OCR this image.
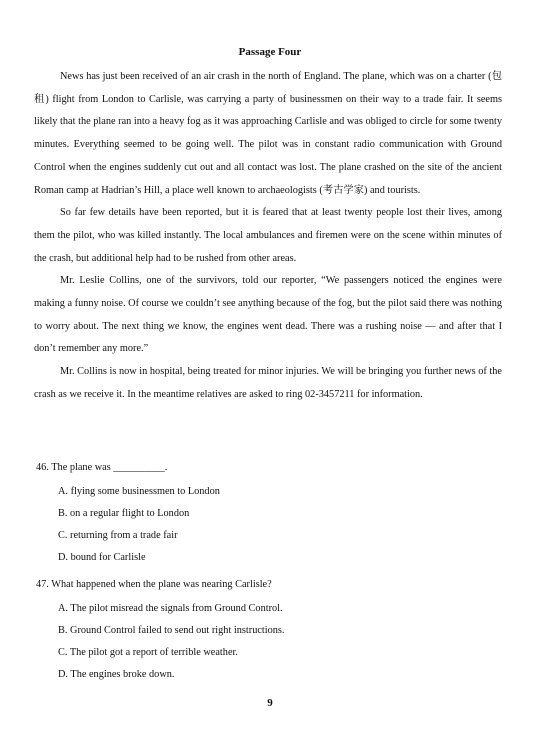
Passage Four

News has just been received of an air crash in the north of England. The plane, which was on a charter (包租) flight from London to Carlisle, was carrying a party of businessmen on their way to a trade fair. It seems likely that the plane ran into a heavy fog as it was approaching Carlisle and was obliged to circle for some twenty minutes. Everything seemed to be going well. The pilot was in constant radio communication with Ground Control when the engines suddenly cut out and all contact was lost. The plane crashed on the site of the ancient Roman camp at Hadrian’s Hill, a place well known to archaeologists (考古学家) and tourists.

So far few details have been reported, but it is feared that at least twenty people lost their lives, among them the pilot, who was killed instantly. The local ambulances and firemen were on the scene within minutes of the crash, but additional help had to be rushed from other areas.

Mr. Leslie Collins, one of the survivors, told our reporter, “We passengers noticed the engines were making a funny noise. Of course we couldn’t see anything because of the fog, but the pilot said there was nothing to worry about. The next thing we know, the engines went dead. There was a rushing noise — and after that I don’t remember any more.”

Mr. Collins is now in hospital, being treated for minor injuries. We will be bringing you further news of the crash as we receive it. In the meantime relatives are asked to ring 02-3457211 for information.

46. The plane was __________.
A. flying some businessmen to London
B. on a regular flight to London
C. returning from a trade fair
D. bound for Carlisle
47. What happened when the plane was nearing Carlisle?
A. The pilot misread the signals from Ground Control.
B. Ground Control failed to send out right instructions.
C. The pilot got a report of terrible weather.
D. The engines broke down.
9
